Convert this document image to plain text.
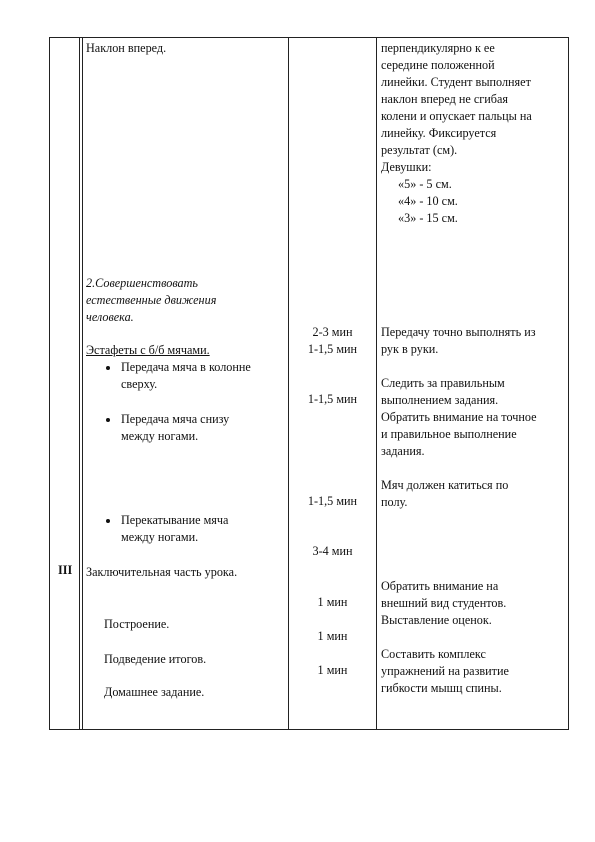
III
Наклон вперед.
2.Совершенствовать
естественные движения
человека.
Эстафеты с б/б мячами.
Передача мяча в колонне
сверху.
Передача мяча снизу
между ногами.
Перекатывание мяча
между ногами.
Заключительная часть урока.
Построение.
Подведение итогов.
Домашнее задание.
2-3 мин
1-1,5 мин
1-1,5 мин
1-1,5 мин
3-4 мин
1 мин
1 мин
1 мин
перпендикулярно к ее
середине положенной
линейки. Студент выполняет
наклон вперед не сгибая
колени и опускает пальцы на
линейку. Фиксируется
результат (см).
Девушки:
«5» - 5 см.
«4» - 10 см.
«3» - 15 см.
Передачу точно выполнять из
рук в руки.
Следить за правильным
выполнением задания.
Обратить внимание на точное
и правильное выполнение
задания.
Мяч должен катиться по
полу.
Обратить внимание на
внешний вид студентов.
Выставление оценок.
Составить комплекс
упражнений на развитие
гибкости мышц спины.
